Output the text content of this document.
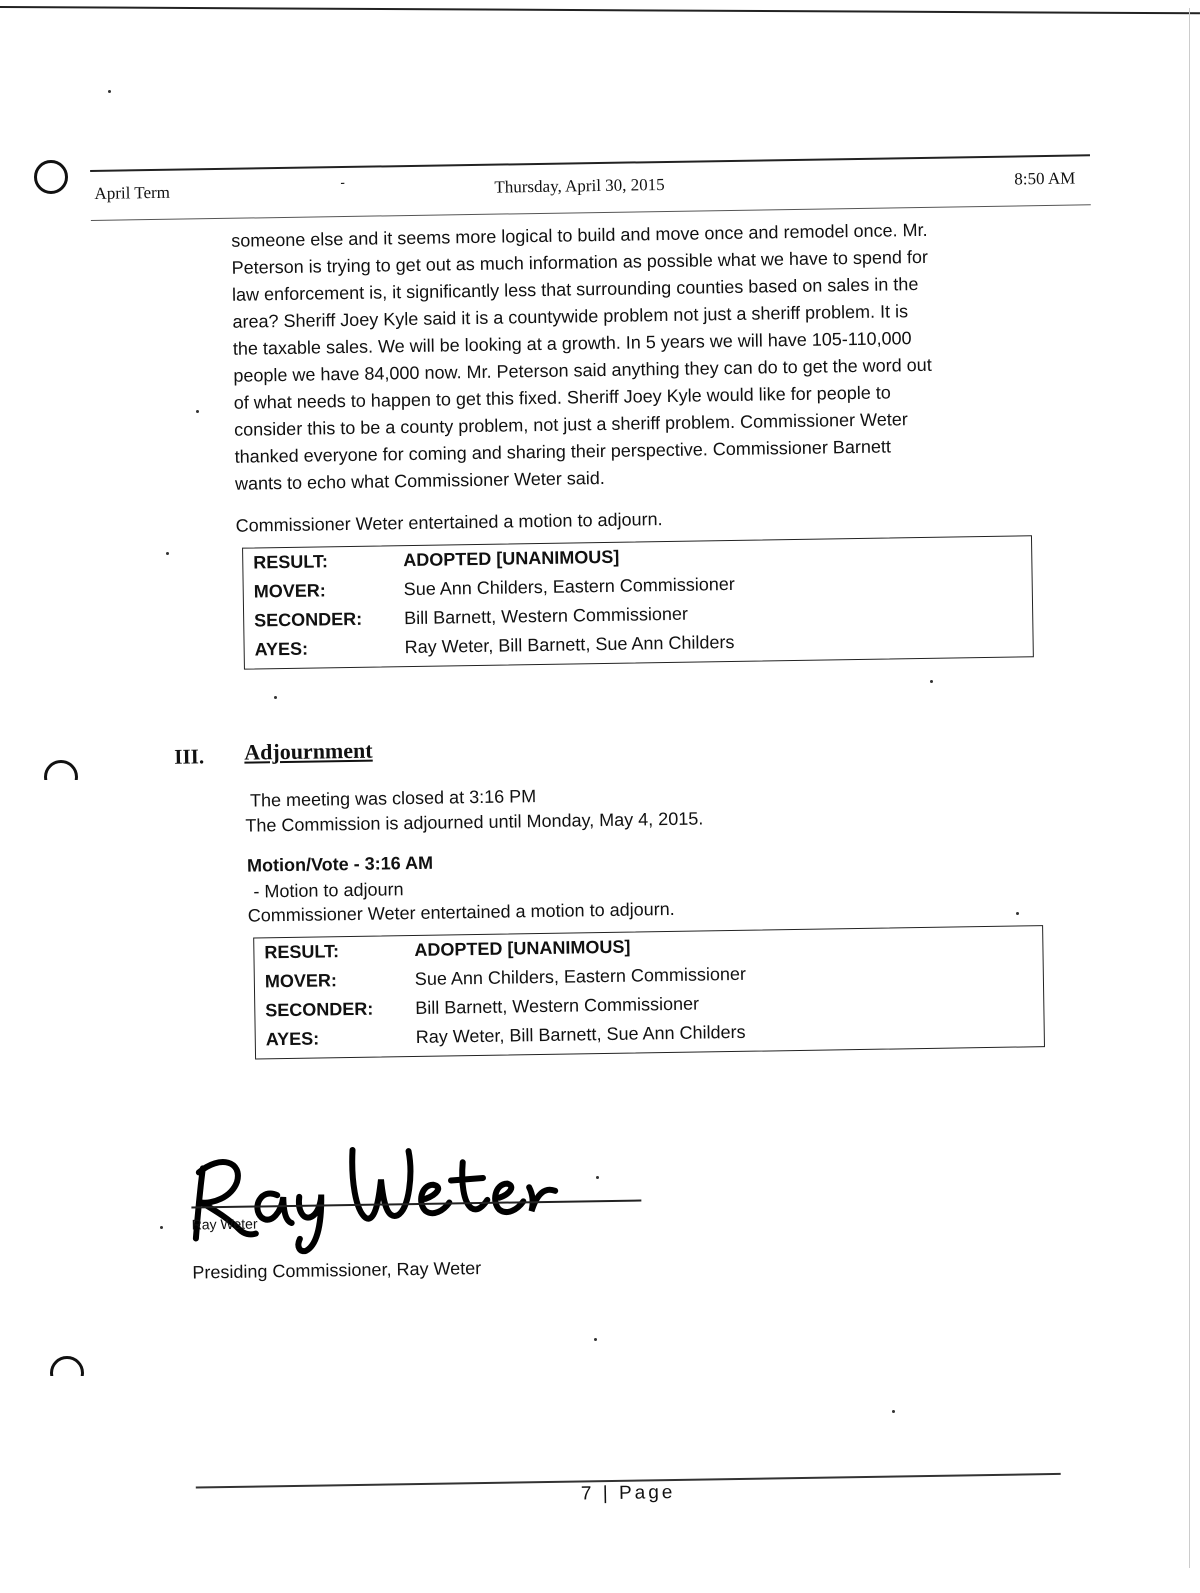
April Term
-	Thursday, April 30, 2015	8:50 AM
someone else and it seems more logical to build and move once and remodel once. Mr.
Peterson is trying to get out as much information as possible what we have to spend for
law enforcement is, it significantly less that surrounding counties based on sales in the
area? Sheriff Joey Kyle said it is a countywide problem not just a sheriff problem. It is
the taxable sales. We will be looking at a growth. In 5 years we will have 105-110,000
people we have 84,000 now. Mr. Peterson said anything they can do to get the word out
of what needs to happen to get this fixed. Sheriff Joey Kyle would like for people to
consider this to be a county problem, not just a sheriff problem. Commissioner Weter
thanked everyone for coming and sharing their perspective. Commissioner Barnett
wants to echo what Commissioner Weter said.
Commissioner Weter entertained a motion to adjourn.
RESULT:	ADOPTED [UNANIMOUS]
MOVER:	Sue Ann Childers, Eastern Commissioner
SECONDER: Bill Barnett, Western Commissioner
AYES:	Ray Weter, Bill Barnett, Sue Ann Childers
III. Adjournment
The meeting was closed at 3:16 PM
The Commission is adjourned until Monday, May 4, 2015.
Motion/Vote - 3:16 AM
- Motion to adjourn
Commissioner Weter entertained a motion to adjourn.
RESULT:	ADOPTED [UNANIMOUS]
MOVER:	Sue Ann Childers, Eastern Commissioner
SECONDER: Bill Barnett, Western Commissioner
AYES:	Ray Weter, Bill Barnett, Sue Ann Childers
Ray Weter
Presiding Commissioner, Ray Weter
7 | Page
